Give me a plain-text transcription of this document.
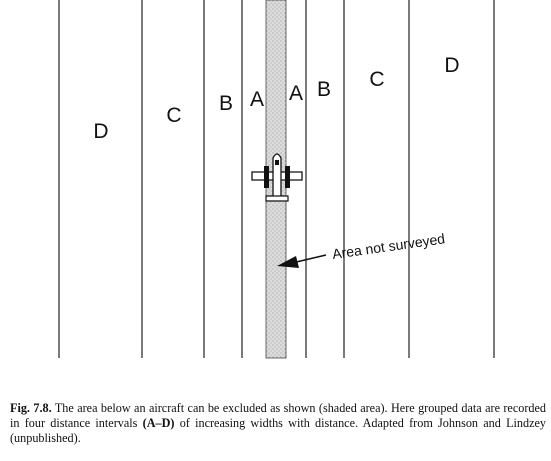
D
C
B A A B C
D
Area not surveyed
Fig. 7.8. The area below an aircraft can be excluded as shown (shaded area). Here grouped data are recorded in four distance intervals (A–D) of increasing widths with distance. Adapted from Johnson and Lindzey (unpublished).
